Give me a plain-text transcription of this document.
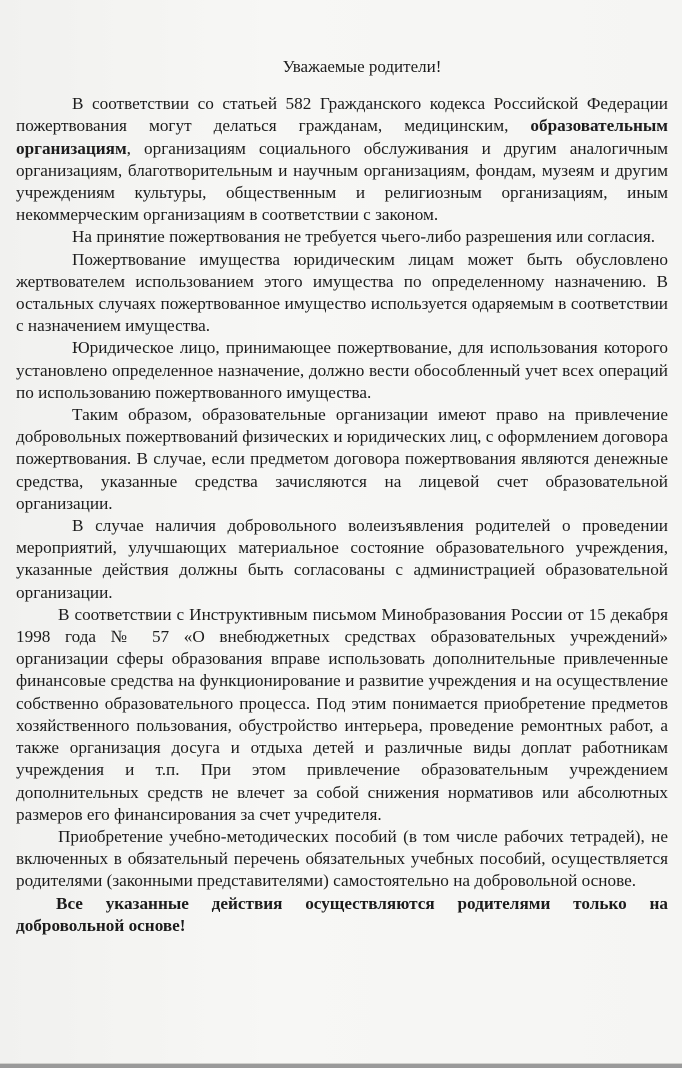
Уважаемые родители!

В соответствии со статьей 582 Гражданского кодекса Российской Федерации пожертвования могут делаться гражданам, медицинским, образовательным организациям, организациям социального обслуживания и другим аналогичным организациям, благотворительным и научным организациям, фондам, музеям и другим учреждениям культуры, общественным и религиозным организациям, иным некоммерческим организациям в соответствии с законом.

На принятие пожертвования не требуется чьего-либо разрешения или согласия.

Пожертвование имущества юридическим лицам может быть обусловлено жертвователем использованием этого имущества по определенному назначению. В остальных случаях пожертвованное имущество используется одаряемым в соответствии с назначением имущества.

Юридическое лицо, принимающее пожертвование, для использования которого установлено определенное назначение, должно вести обособленный учет всех операций по использованию пожертвованного имущества.

Таким образом, образовательные организации имеют право на привлечение добровольных пожертвований физических и юридических лиц, с оформлением договора пожертвования. В случае, если предметом договора пожертвования являются денежные средства, указанные средства зачисляются на лицевой счет образовательной организации.

В случае наличия добровольного волеизъявления родителей о проведении мероприятий, улучшающих материальное состояние образовательного учреждения, указанные действия должны быть согласованы с администрацией образовательной организации.

В соответствии с Инструктивным письмом Минобразования России от 15 декабря 1998 года № 57 «О внебюджетных средствах образовательных учреждений» организации сферы образования вправе использовать дополнительные привлеченные финансовые средства на функционирование и развитие учреждения и на осуществление собственно образовательного процесса. Под этим понимается приобретение предметов хозяйственного пользования, обустройство интерьера, проведение ремонтных работ, а также организация досуга и отдыха детей и различные виды доплат работникам учреждения и т.п. При этом привлечение образовательным учреждением дополнительных средств не влечет за собой снижения нормативов или абсолютных размеров его финансирования за счет учредителя.

Приобретение учебно-методических пособий (в том числе рабочих тетрадей), не включенных в обязательный перечень обязательных учебных пособий, осуществляется родителями (законными представителями) самостоятельно на добровольной основе.

Все указанные действия осуществляются родителями только на добровольной основе!
